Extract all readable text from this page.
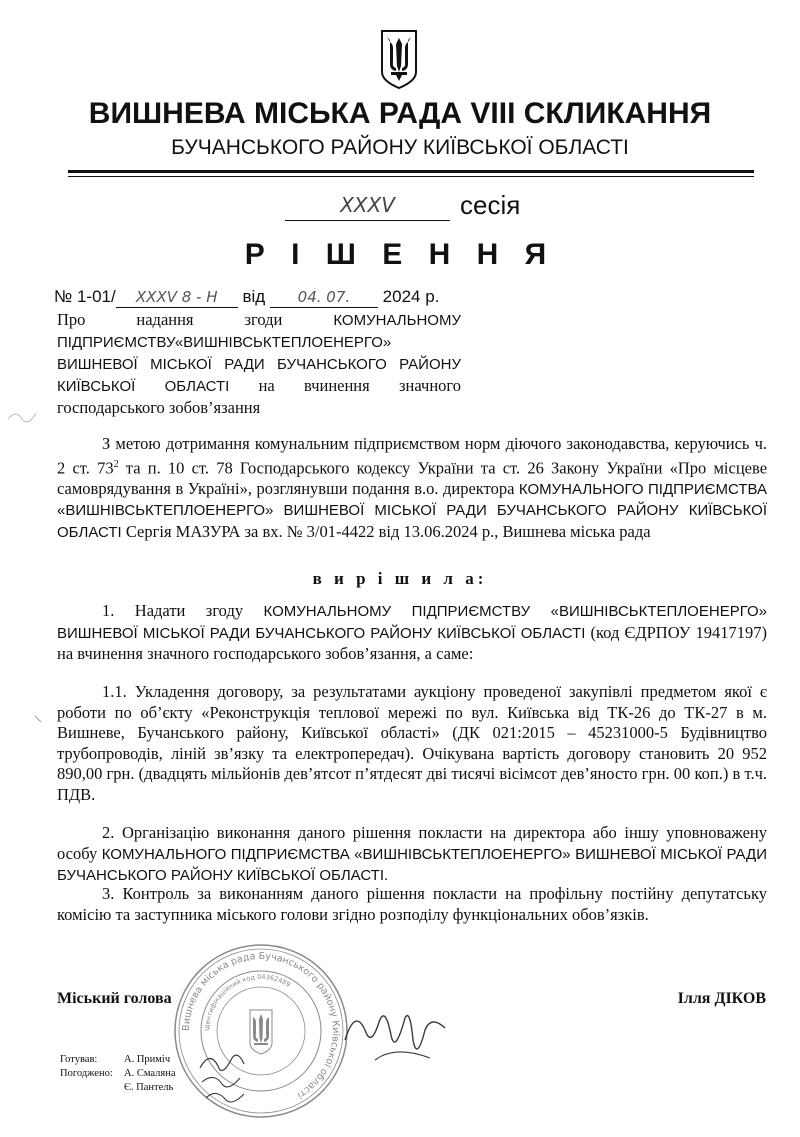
ВИШНЕВА МІСЬКА РАДА VIII СКЛИКАННЯ
БУЧАНСЬКОГО РАЙОНУ КИЇВСЬКОЇ ОБЛАСТІ
XXXV	сесія
Р І Ш Е Н Н Я
№ 1-01/ XXXV 8 - Н від 04. 07. 2024 р.
Про надання згоди	КОМУНАЛЬНОМУ ПІДПРИЄМСТВУ«ВИШНІВСЬКТЕПЛОЕНЕРГО» ВИШНЕВОЇ МІСЬКОЇ РАДИ БУЧАНСЬКОГО РАЙОНУ КИЇВСЬКОЇ ОБЛАСТІ на вчинення значного господарського зобов’язання
З метою дотримання комунальним підприємством норм діючого законодавства, керуючись ч. 2 ст. $73^2$ та п. 10 ст. 78 Господарського кодексу України та ст. 26 Закону України «Про місцеве самоврядування в Україні», розглянувши подання в.о. директора КОМУНАЛЬНОГО ПІДПРИЄМСТВА «ВИШНІВСЬКТЕПЛОЕНЕРГО» ВИШНЕВОЇ МІСЬКОЇ РАДИ БУЧАНСЬКОГО РАЙОНУ КИЇВСЬКОЇ ОБЛАСТІ Сергія МАЗУРА за вх. № 3/01-4422 від 13.06.2024 р., Вишнева міська рада
в и р і ш и л а:
1. Надати згоду КОМУНАЛЬНОМУ ПІДПРИЄМСТВУ «ВИШНІВСЬКТЕПЛОЕНЕРГО» ВИШНЕВОЇ МІСЬКОЇ РАДИ БУЧАНСЬКОГО РАЙОНУ КИЇВСЬКОЇ ОБЛАСТІ (код ЄДРПОУ 19417197) на вчинення значного господарського зобов’язання, а саме:
1.1. Укладення договору, за результатами аукціону проведеної закупівлі предметом якої є роботи по об’єкту «Реконструкція теплової мережі по вул. Київська від ТК-26 до ТК-27 в м. Вишневе, Бучанського району, Київської області» (ДК 021:2015 – 45231000-5 Будівництво трубопроводів, ліній зв’язку та електропередач). Очікувана вартість договору становить 20 952 890,00 грн. (двадцять мільйонів дев’ятсот п’ятдесят дві тисячі вісімсот дев’яносто грн. 00 коп.) в т.ч. ПДВ.
2. Організацію виконання даного рішення покласти на директора або іншу уповноважену особу КОМУНАЛЬНОГО ПІДПРИЄМСТВА «ВИШНІВСЬКТЕПЛОЕНЕРГО» ВИШНЕВОЇ МІСЬКОЇ РАДИ БУЧАНСЬКОГО РАЙОНУ КИЇВСЬКОЇ ОБЛАСТІ.
3. Контроль за виконанням даного рішення покласти на профільну постійну депутатську комісію та заступника міського голови згідно розподілу функціональних обов’язків.
Вишнева міська рада Бучанського району Київської області
Ідентифікаційний код 04362489
Міський голова	Ілля ДІКОВ
Готував:	А. Приміч
Погоджено: А. Смаляна
Є. Пантель
